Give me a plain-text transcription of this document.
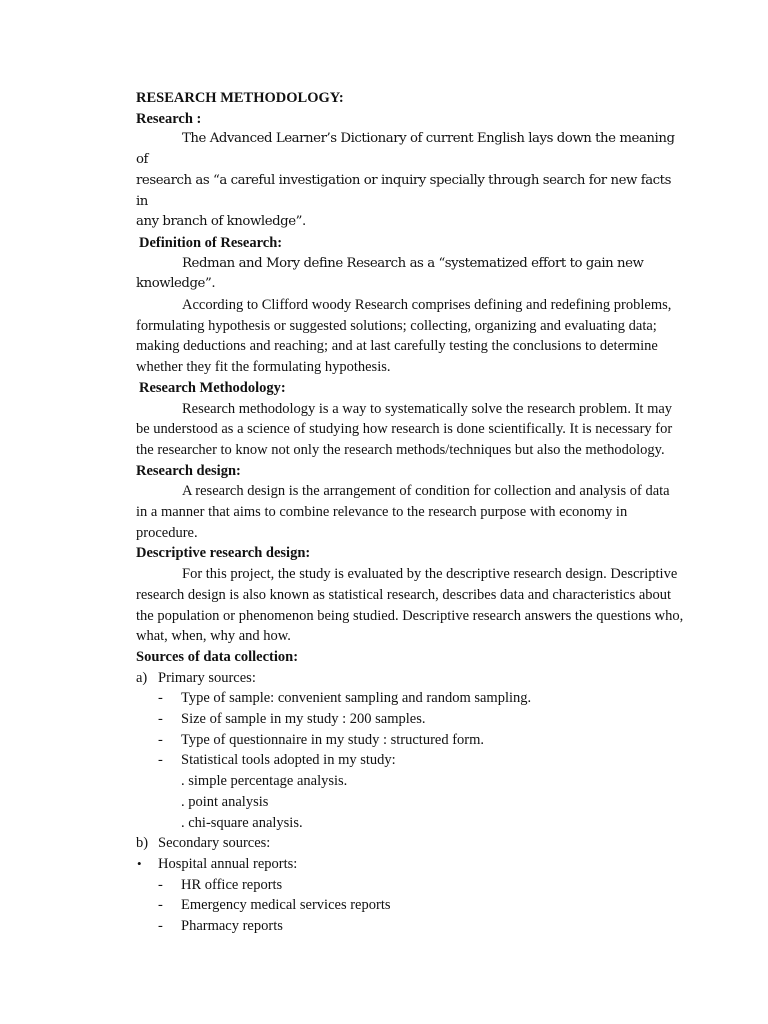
RESEARCH METHODOLOGY:
Research :
The Advanced Learner’s Dictionary of current English lays down the meaning of
research as “a careful investigation or inquiry specially through search for new facts in
any branch of knowledge”.
Definition of Research:
Redman and Mory define Research as a “systematized effort to gain new
knowledge”.
According to Clifford woody Research comprises defining and redefining problems, formulating hypothesis or suggested solutions; collecting, organizing and evaluating data; making deductions and reaching; and at last carefully testing the conclusions to determine whether they fit the formulating hypothesis.
Research Methodology:
Research methodology is a way to systematically solve the research problem. It may be understood as a science of studying how research is done scientifically. It is necessary for the researcher to know not only the research methods/techniques but also the methodology.
Research design:
A research design is the arrangement of condition for collection and analysis of data in a manner that aims to combine relevance to the research purpose with economy in procedure.
Descriptive research design:
For this project, the study is evaluated by the descriptive research design. Descriptive research design is also known as statistical research, describes data and characteristics about the population or phenomenon being studied. Descriptive research answers the questions who, what, when, why and how.
Sources of data collection:
a) Primary sources:
- Type of sample: convenient sampling and random sampling.
- Size of sample in my study : 200 samples.
- Type of questionnaire in my study : structured form.
- Statistical tools adopted in my study:
. simple percentage analysis.
. point analysis
. chi-square analysis.
b) Secondary sources:
• Hospital annual reports:
- HR office reports
- Emergency medical services reports
- Pharmacy reports
